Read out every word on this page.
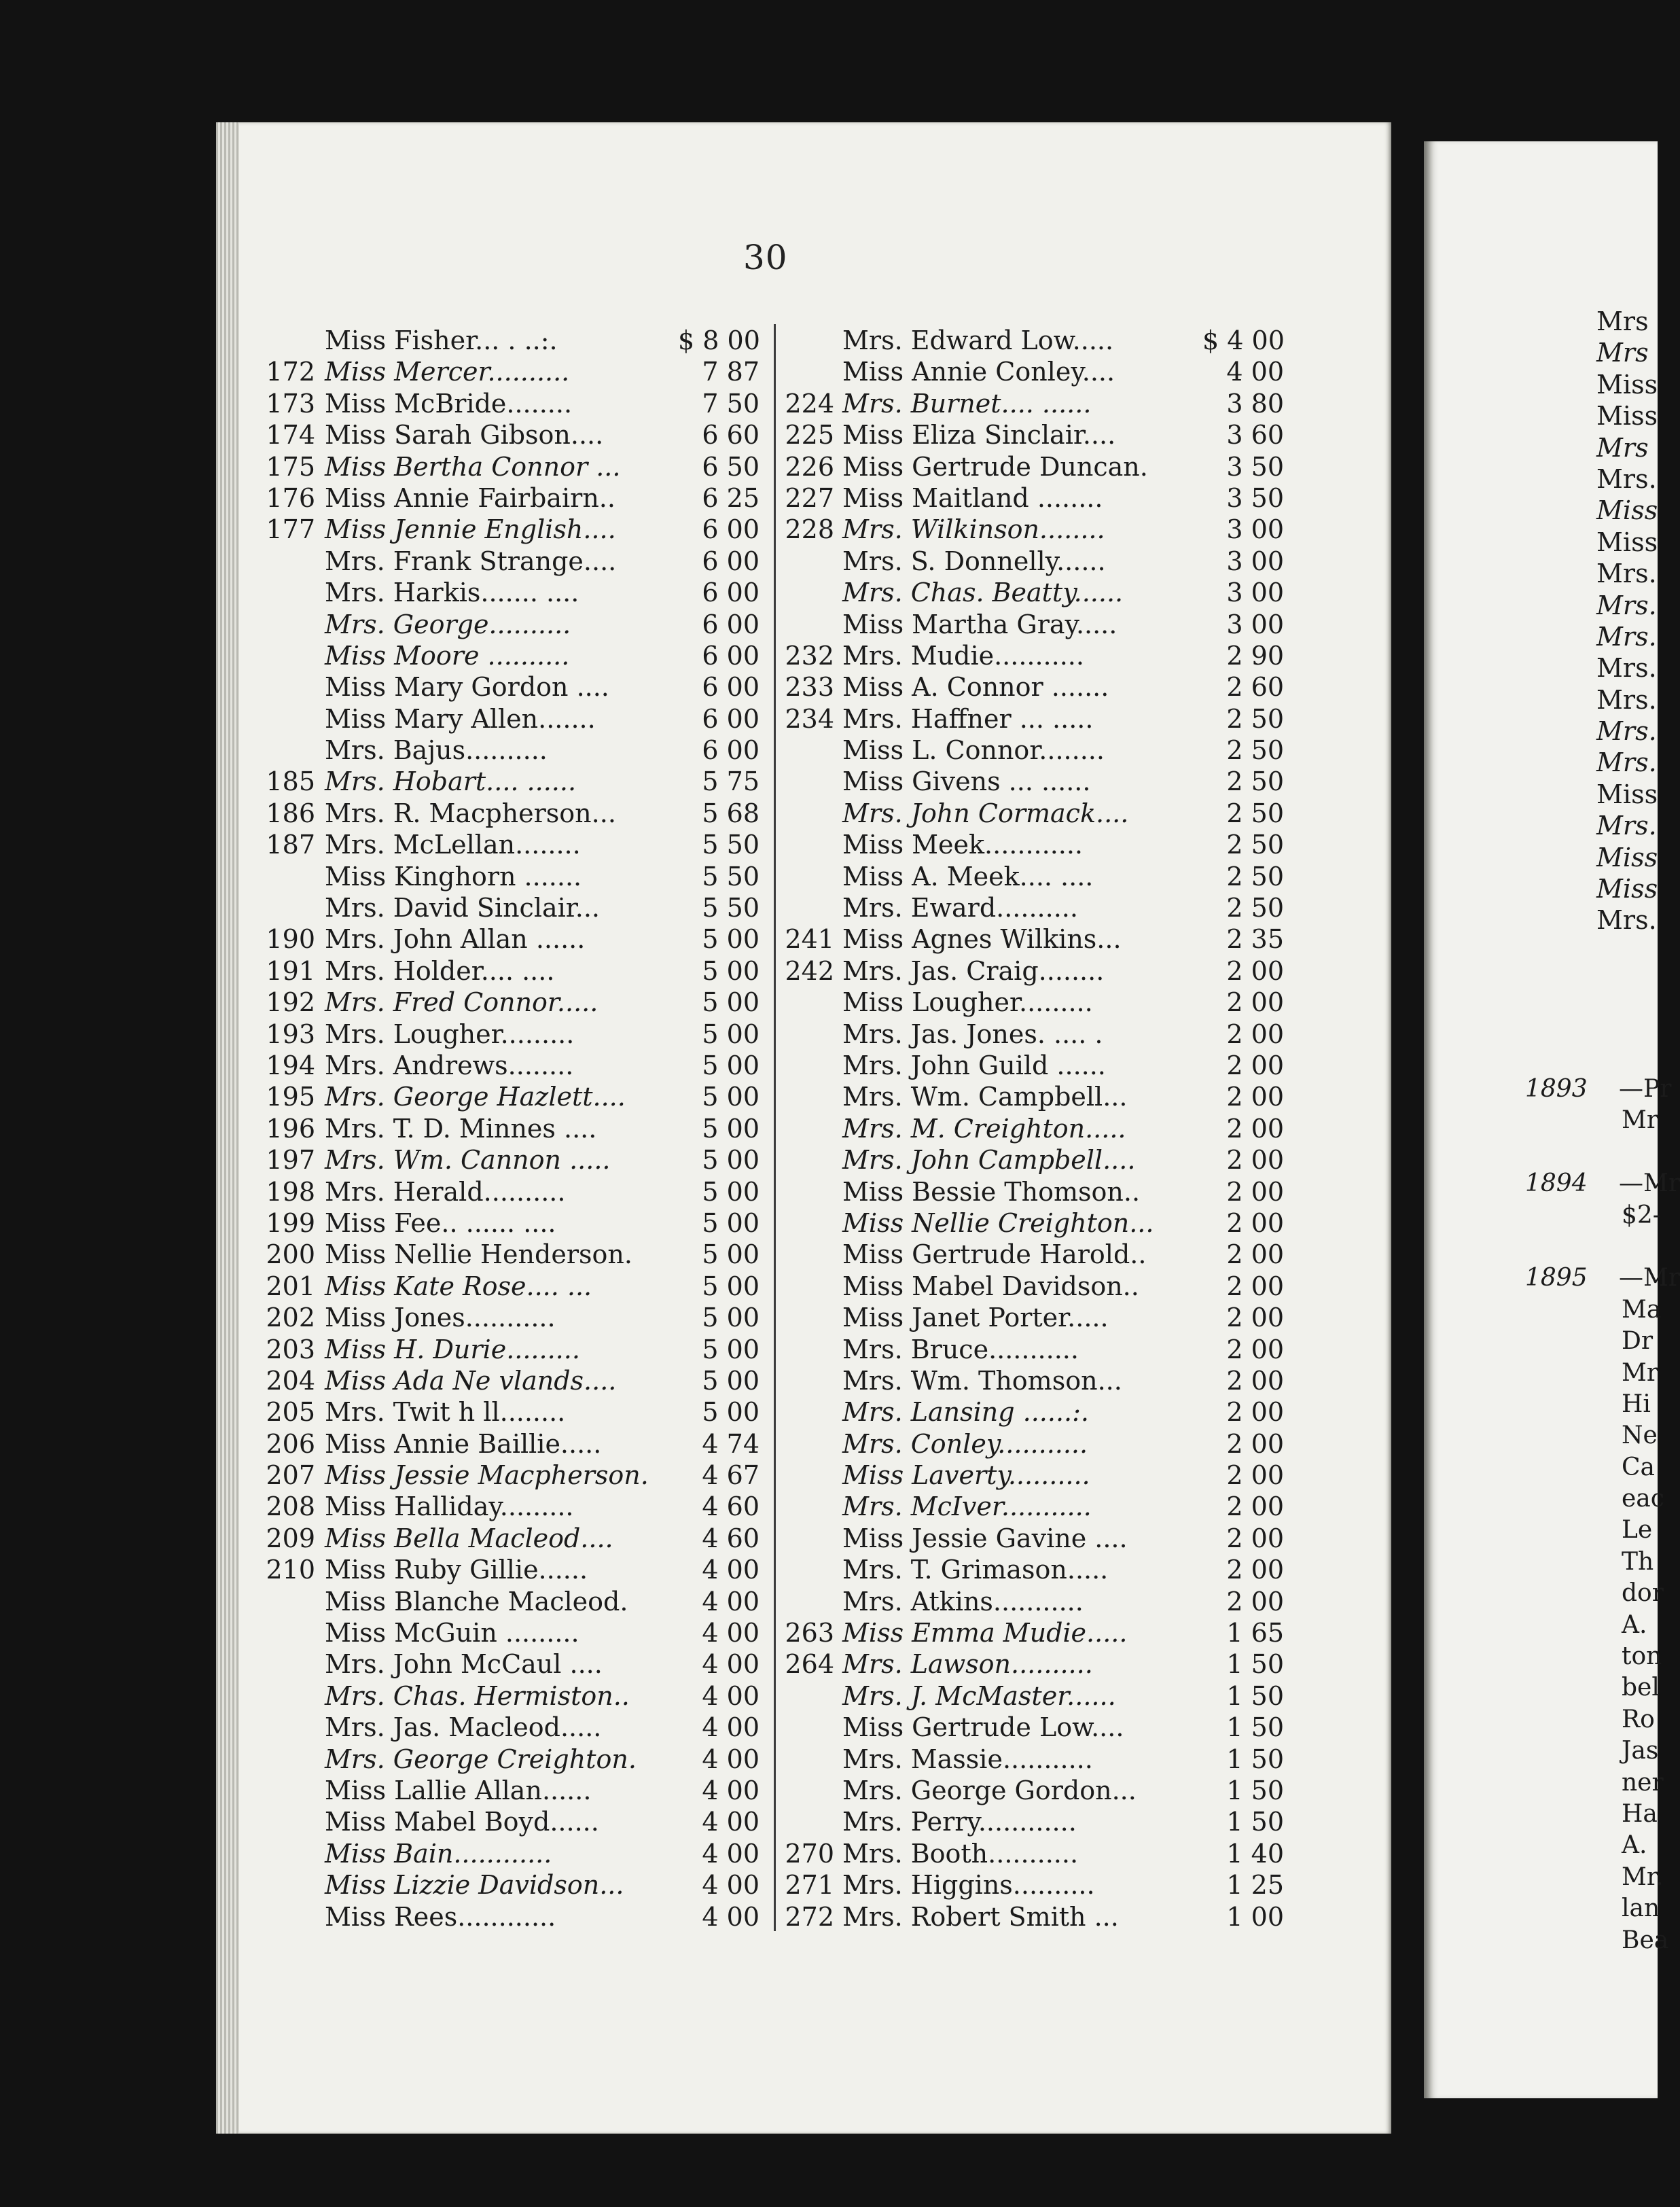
30
Miss Fisher... . ..:.	$ 8 00
172 Miss Mercer..........	7 87
173 Miss McBride........	7 50
174 Miss Sarah Gibson....	6 60
175 Miss Bertha Connor ...	6 50
176 Miss Annie Fairbairn..	6 25
177 Miss Jennie English....	6 00
Mrs. Frank Strange....	6 00
Mrs. Harkis....... ....	6 00
Mrs. George..........	6 00
Miss Moore ..........	6 00
Miss Mary Gordon ....	6 00
Miss Mary Allen.......	6 00
Mrs. Bajus..........	6 00
185 Mrs. Hobart.... ......	5 75
186 Mrs. R. Macpherson...	5 68
187 Mrs. McLellan........	5 50
Miss Kinghorn .......	5 50
Mrs. David Sinclair...	5 50
190 Mrs. John Allan ......	5 00
191 Mrs. Holder.... ....	5 00
192 Mrs. Fred Connor.....	5 00
193 Mrs. Lougher.........	5 00
194 Mrs. Andrews........	5 00
195 Mrs. George Hazlett....	5 00
196 Mrs. T. D. Minnes ....	5 00
197 Mrs. Wm. Cannon .....	5 00
198 Mrs. Herald..........	5 00
199 Miss Fee.. ...... ....	5 00
200 Miss Nellie Henderson.	5 00
201 Miss Kate Rose.... ...	5 00
202 Miss Jones...........	5 00
203 Miss H. Durie.........	5 00
204 Miss Ada Ne vlands....	5 00
205 Mrs. Twit h ll........	5 00
206 Miss Annie Baillie.....	4 74
207 Miss Jessie Macpherson.	4 67
208 Miss Halliday.........	4 60
209 Miss Bella Macleod....	4 60
210 Miss Ruby Gillie......	4 00
Miss Blanche Macleod.	4 00
Miss McGuin .........	4 00
Mrs. John McCaul ....	4 00
Mrs. Chas. Hermiston..	4 00
Mrs. Jas. Macleod.....	4 00
Mrs. George Creighton.	4 00
Miss Lallie Allan......	4 00
Miss Mabel Boyd......	4 00
Miss Bain............	4 00
Miss Lizzie Davidson...	4 00
Miss Rees............	4 00
Mrs. Edward Low.....	$ 4 00
Miss Annie Conley....	4 00
224 Mrs. Burnet.... ......	3 80
225 Miss Eliza Sinclair....	3 60
226 Miss Gertrude Duncan.	3 50
227 Miss Maitland ........	3 50
228 Mrs. Wilkinson........	3 00
Mrs. S. Donnelly......	3 00
Mrs. Chas. Beatty......	3 00
Miss Martha Gray.....	3 00
232 Mrs. Mudie...........	2 90
233 Miss A. Connor .......	2 60
234 Mrs. Haffner ... .....	2 50
Miss L. Connor........	2 50
Miss Givens ... ......	2 50
Mrs. John Cormack....	2 50
Miss Meek............	2 50
Miss A. Meek.... ....	2 50
Mrs. Eward..........	2 50
241 Miss Agnes Wilkins...	2 35
242 Mrs. Jas. Craig........	2 00
Miss Lougher.........	2 00
Mrs. Jas. Jones. .... .	2 00
Mrs. John Guild ......	2 00
Mrs. Wm. Campbell...	2 00
Mrs. M. Creighton.....	2 00
Mrs. John Campbell....	2 00
Miss Bessie Thomson..	2 00
Miss Nellie Creighton...	2 00
Miss Gertrude Harold..	2 00
Miss Mabel Davidson..	2 00
Miss Janet Porter.....	2 00
Mrs. Bruce...........	2 00
Mrs. Wm. Thomson...	2 00
Mrs. Lansing ......:.	2 00
Mrs. Conley...........	2 00
Miss Laverty..........	2 00
Mrs. McIver...........	2 00
Miss Jessie Gavine ....	2 00
Mrs. T. Grimason.....	2 00
Mrs. Atkins...........	2 00
263 Miss Emma Mudie.....	1 65
264 Mrs. Lawson..........	1 50
Mrs. J. McMaster......	1 50
Miss Gertrude Low....	1 50
Mrs. Massie...........	1 50
Mrs. George Gordon...	1 50
Mrs. Perry............	1 50
270 Mrs. Booth...........	1 40
271 Mrs. Higgins..........	1 25
272 Mrs. Robert Smith ...	1 00
Mrs
Mrs
Miss
Miss
Mrs
Mrs.
Miss
Miss
Mrs.
Mrs.
Mrs.
Mrs.
Mrs.
Mrs.
Mrs.
Miss
Mrs.
Miss
Miss
Mrs.
1893 —Pr
Mr
1894 —Mr
$2-
1895 —Mr
Ma
Dr
Mr
Hi
Ne
Ca
eac
Le
Th
dor
A.
ton
bel
Ro
Jas
ner
Ha
A.
Mr.
lan
Bea
